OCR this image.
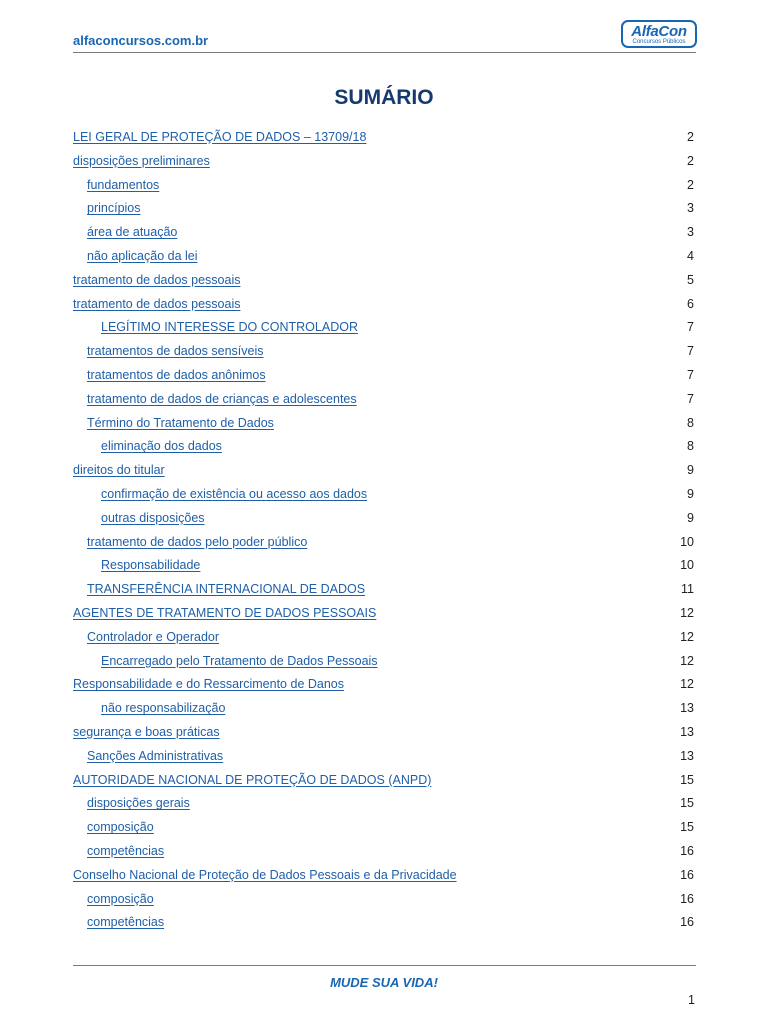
alfaconcursos.com.br
AlfaCon
Concursos Públicos
SUMÁRIO
LEI GERAL DE PROTEÇÃO DE DADOS – 13709/18	2
disposições preliminares	2
fundamentos	2
princípios	3
área de atuação	3
não aplicação da lei	4
tratamento de dados pessoais	5
tratamento de dados pessoais	6
LEGÍTIMO INTERESSE DO CONTROLADOR	7
tratamentos de dados sensíveis	7
tratamentos de dados anônimos	7
tratamento de dados de crianças e adolescentes	7
Término do Tratamento de Dados	8
eliminação dos dados	8
direitos do titular	9
confirmação de existência ou acesso aos dados	9
outras disposições	9
tratamento de dados pelo poder público	10
Responsabilidade	10
TRANSFERÊNCIA INTERNACIONAL DE DADOS	11
AGENTES DE TRATAMENTO DE DADOS PESSOAIS	12
Controlador e Operador	12
Encarregado pelo Tratamento de Dados Pessoais	12
Responsabilidade e do Ressarcimento de Danos	12
não responsabilização	13
segurança e boas práticas	13
Sanções Administrativas	13
AUTORIDADE NACIONAL DE PROTEÇÃO DE DADOS (ANPD)	15
disposições gerais	15
composição	15
competências	16
Conselho Nacional de Proteção de Dados Pessoais e da Privacidade	16
composição	16
competências	16
MUDE SUA VIDA!
1
